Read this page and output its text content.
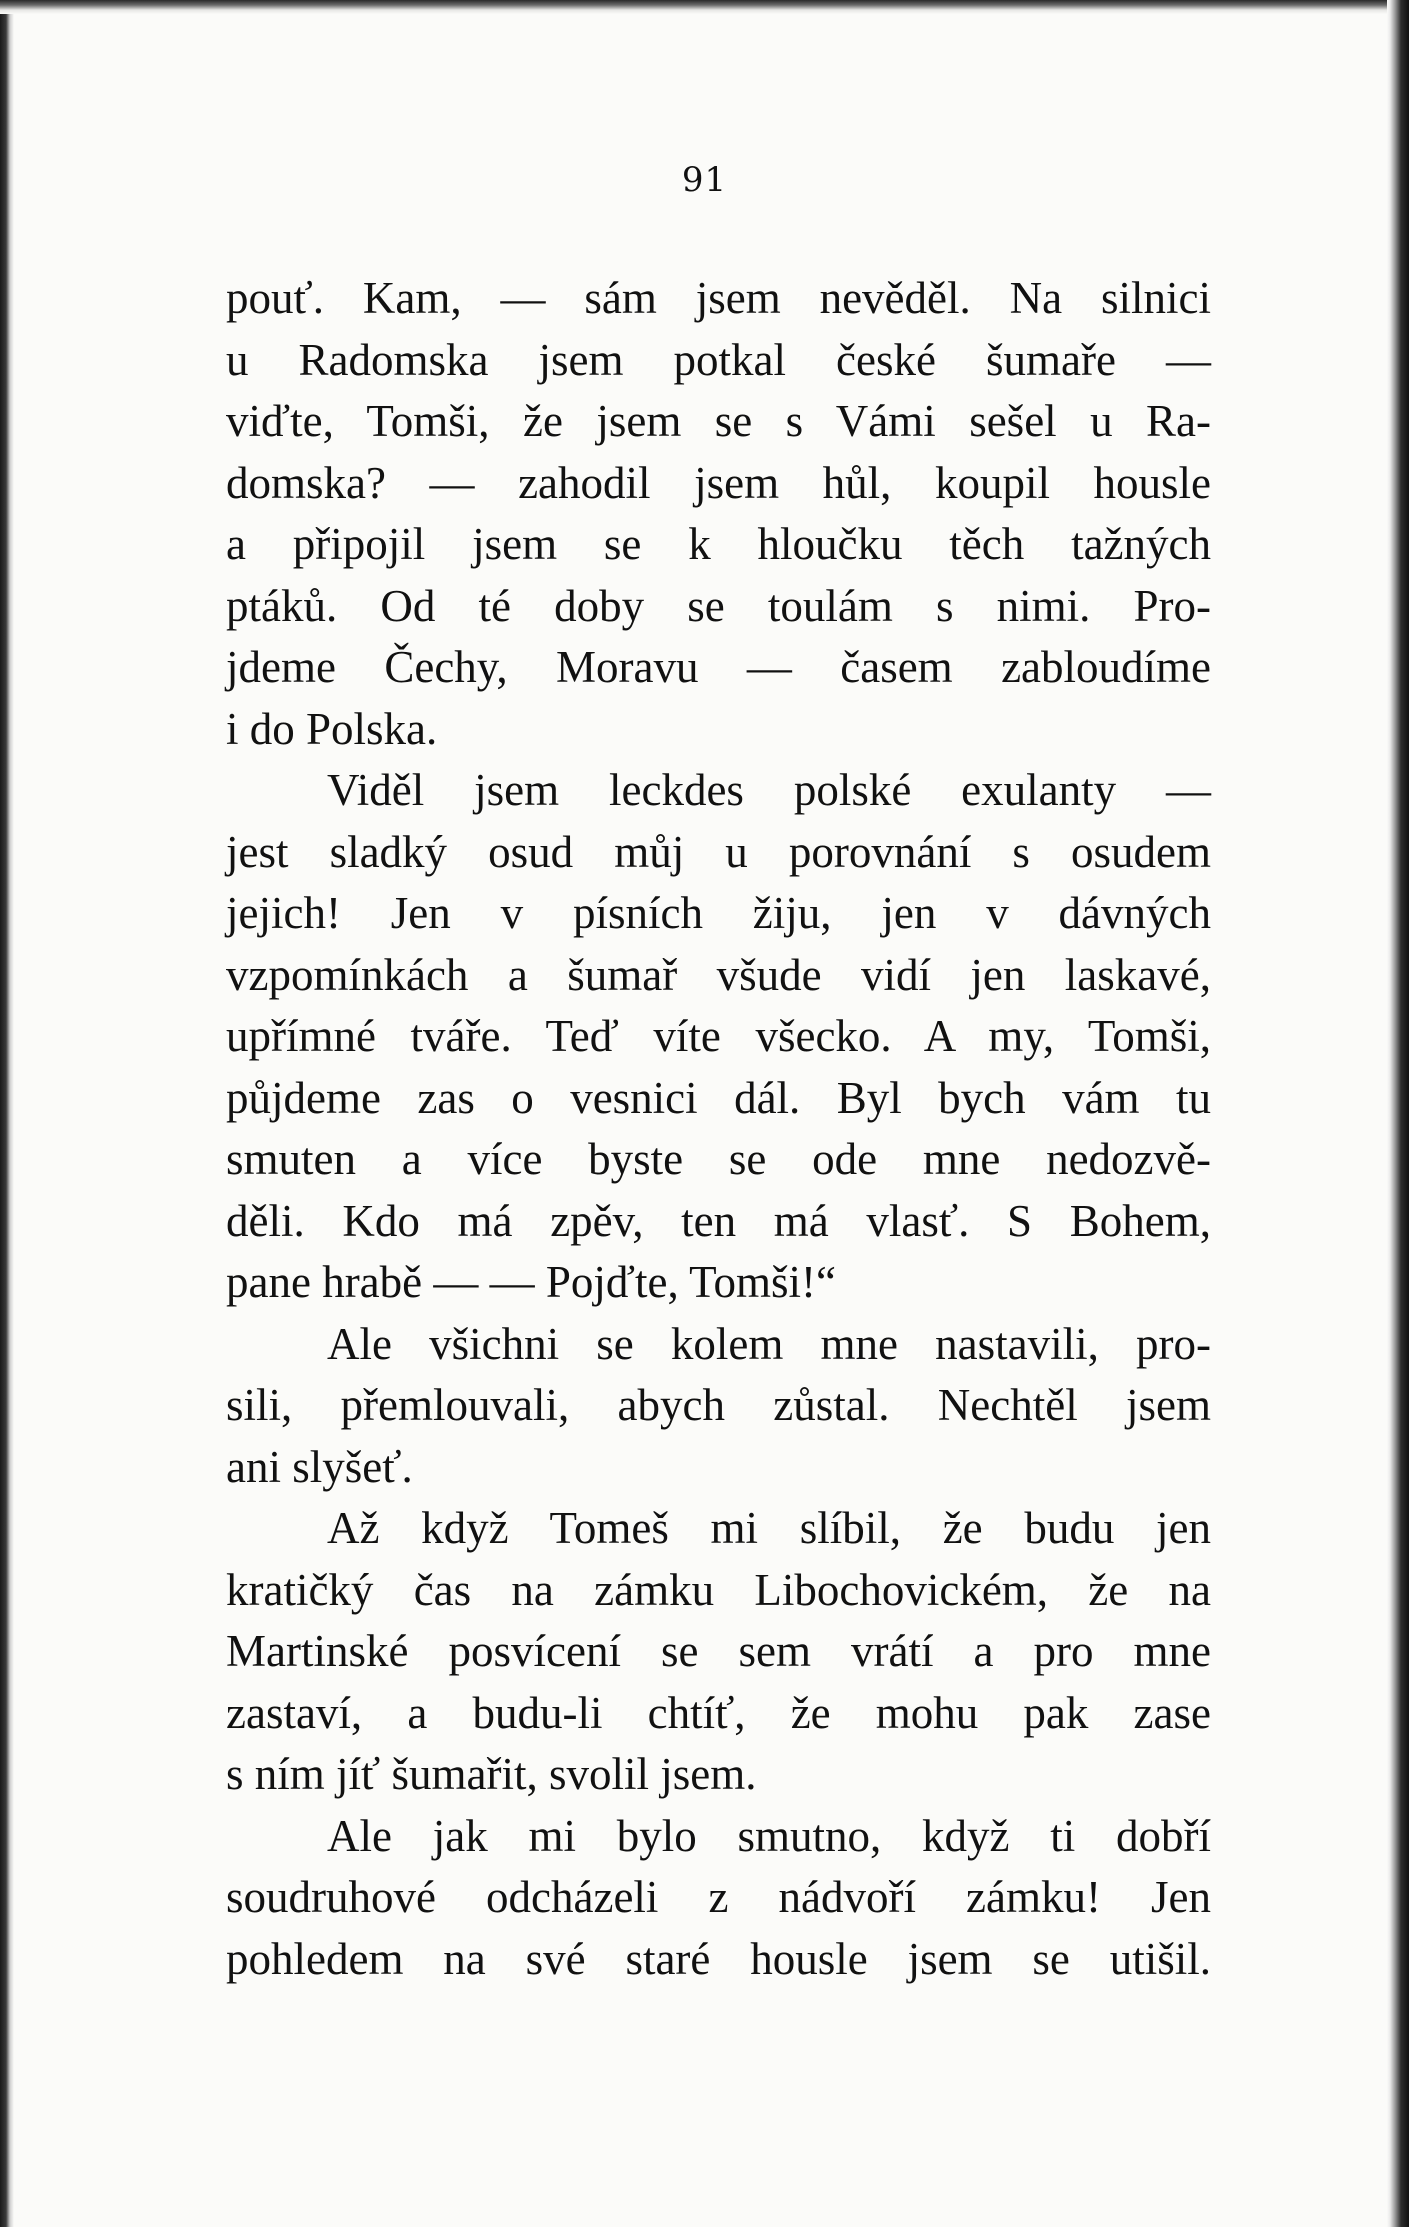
91
pouť. Kam, — sám jsem nevěděl. Na silnici
u Radomska jsem potkal české šumaře —
viďte, Tomši, že jsem se s Vámi sešel u Ra-
domska? — zahodil jsem hůl, koupil housle
a připojil jsem se k hloučku těch tažných
ptáků. Od té doby se toulám s nimi. Pro-
jdeme Čechy, Moravu — časem zabloudíme
i do Polska.
Viděl jsem leckdes polské exulanty —
jest sladký osud můj u porovnání s osudem
jejich! Jen v písních žiju, jen v dávných
vzpomínkách a šumař všude vidí jen laskavé,
upřímné tváře. Teď víte všecko. A my, Tomši,
půjdeme zas o vesnici dál. Byl bych vám tu
smuten a více byste se ode mne nedozvě-
děli. Kdo má zpěv, ten má vlasť. S Bohem,
pane hrabě — — Pojďte, Tomši!“
Ale všichni se kolem mne nastavili, pro-
sili, přemlouvali, abych zůstal. Nechtěl jsem
ani slyšeť.
Až když Tomeš mi slíbil, že budu jen
kratičký čas na zámku Libochovickém, že na
Martinské posvícení se sem vrátí a pro mne
zastaví, a budu-li chtíť, že mohu pak zase
s ním jíť šumařit, svolil jsem.
Ale jak mi bylo smutno, když ti dobří
soudruhové odcházeli z nádvoří zámku! Jen
pohledem na své staré housle jsem se utišil.
